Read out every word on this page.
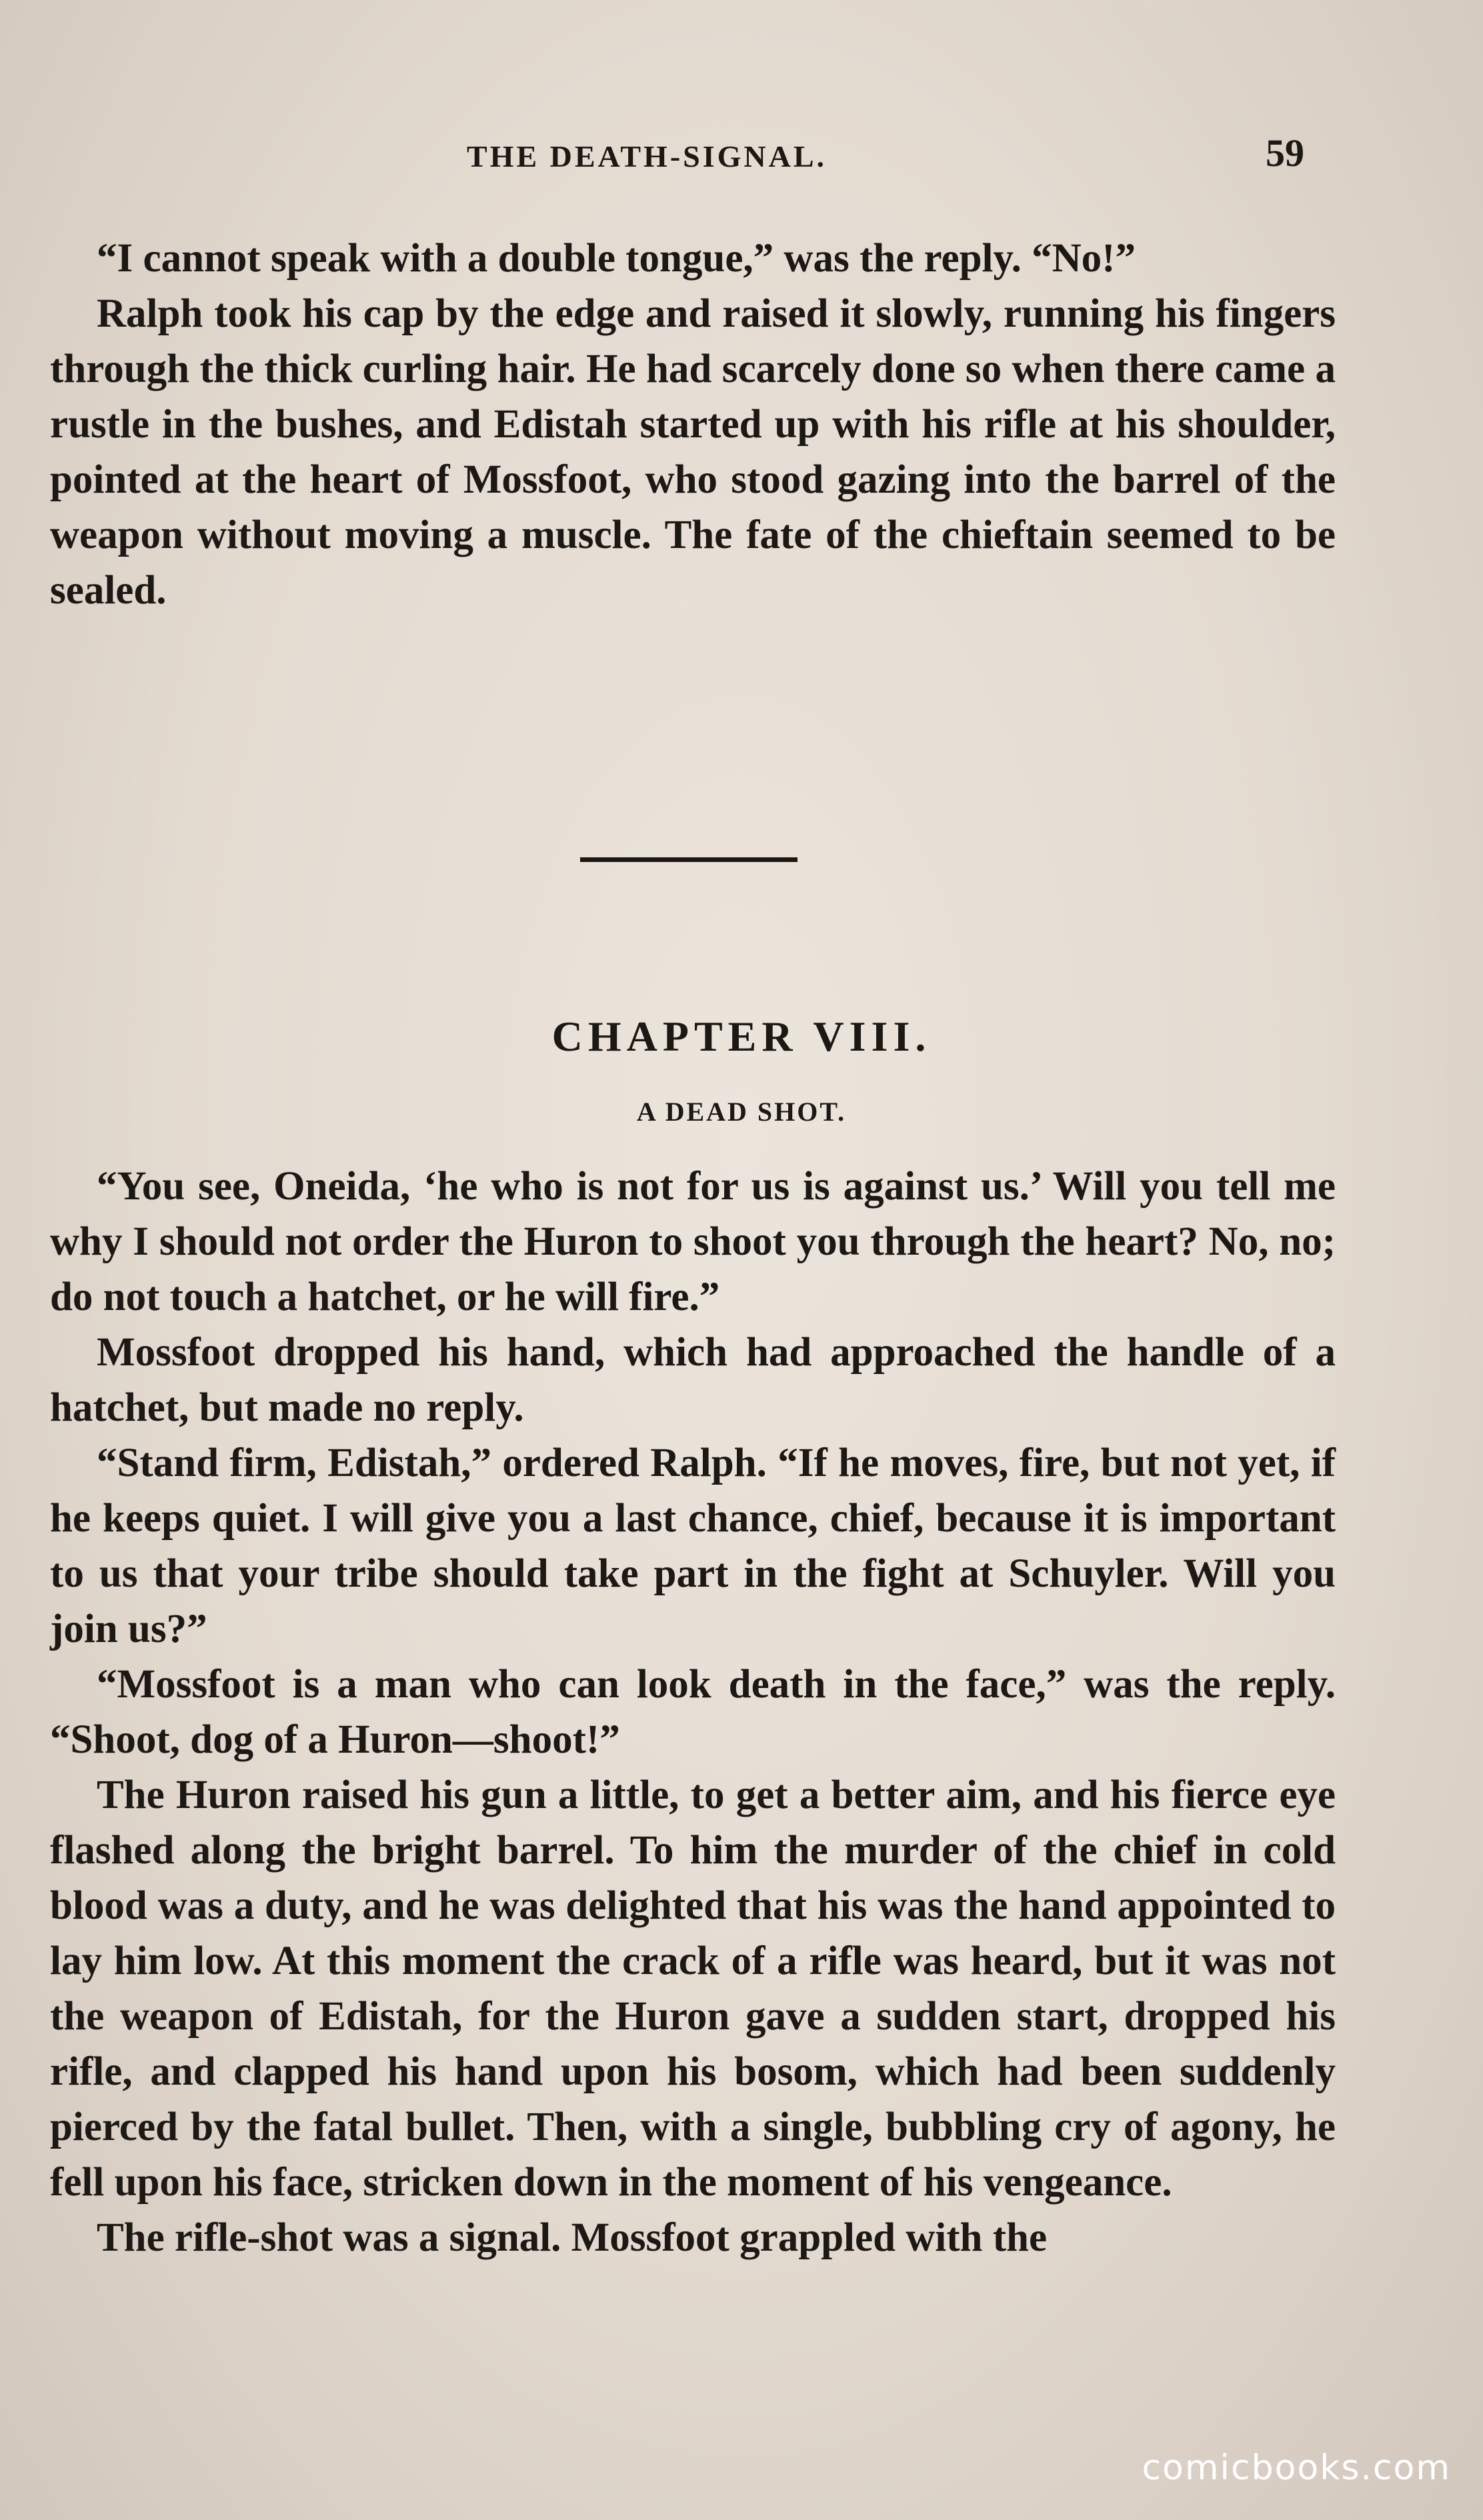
THE DEATH-SIGNAL.	59

“I cannot speak with a double tongue,” was the reply. “No!”

Ralph took his cap by the edge and raised it slowly, running his fingers through the thick curling hair. He had scarcely done so when there came a rustle in the bushes, and Edistah started up with his rifle at his shoulder, pointed at the heart of Mossfoot, who stood gazing into the barrel of the weapon without moving a muscle. The fate of the chieftain seemed to be sealed.

CHAPTER VIII.
A DEAD SHOT.

“You see, Oneida, ‘he who is not for us is against us.’ Will you tell me why I should not order the Huron to shoot you through the heart? No, no; do not touch a hatchet, or he will fire.”

Mossfoot dropped his hand, which had approached the handle of a hatchet, but made no reply.

“Stand firm, Edistah,” ordered Ralph. “If he moves, fire, but not yet, if he keeps quiet. I will give you a last chance, chief, because it is important to us that your tribe should take part in the fight at Schuyler. Will you join us?”

“Mossfoot is a man who can look death in the face,” was the reply. “Shoot, dog of a Huron—shoot!”

The Huron raised his gun a little, to get a better aim, and his fierce eye flashed along the bright barrel. To him the murder of the chief in cold blood was a duty, and he was delighted that his was the hand appointed to lay him low. At this moment the crack of a rifle was heard, but it was not the weapon of Edistah, for the Huron gave a sudden start, dropped his rifle, and clapped his hand upon his bosom, which had been suddenly pierced by the fatal bullet. Then, with a single, bubbling cry of agony, he fell upon his face, stricken down in the moment of his vengeance.

The rifle-shot was a signal. Mossfoot grappled with the

comicbooks.com
